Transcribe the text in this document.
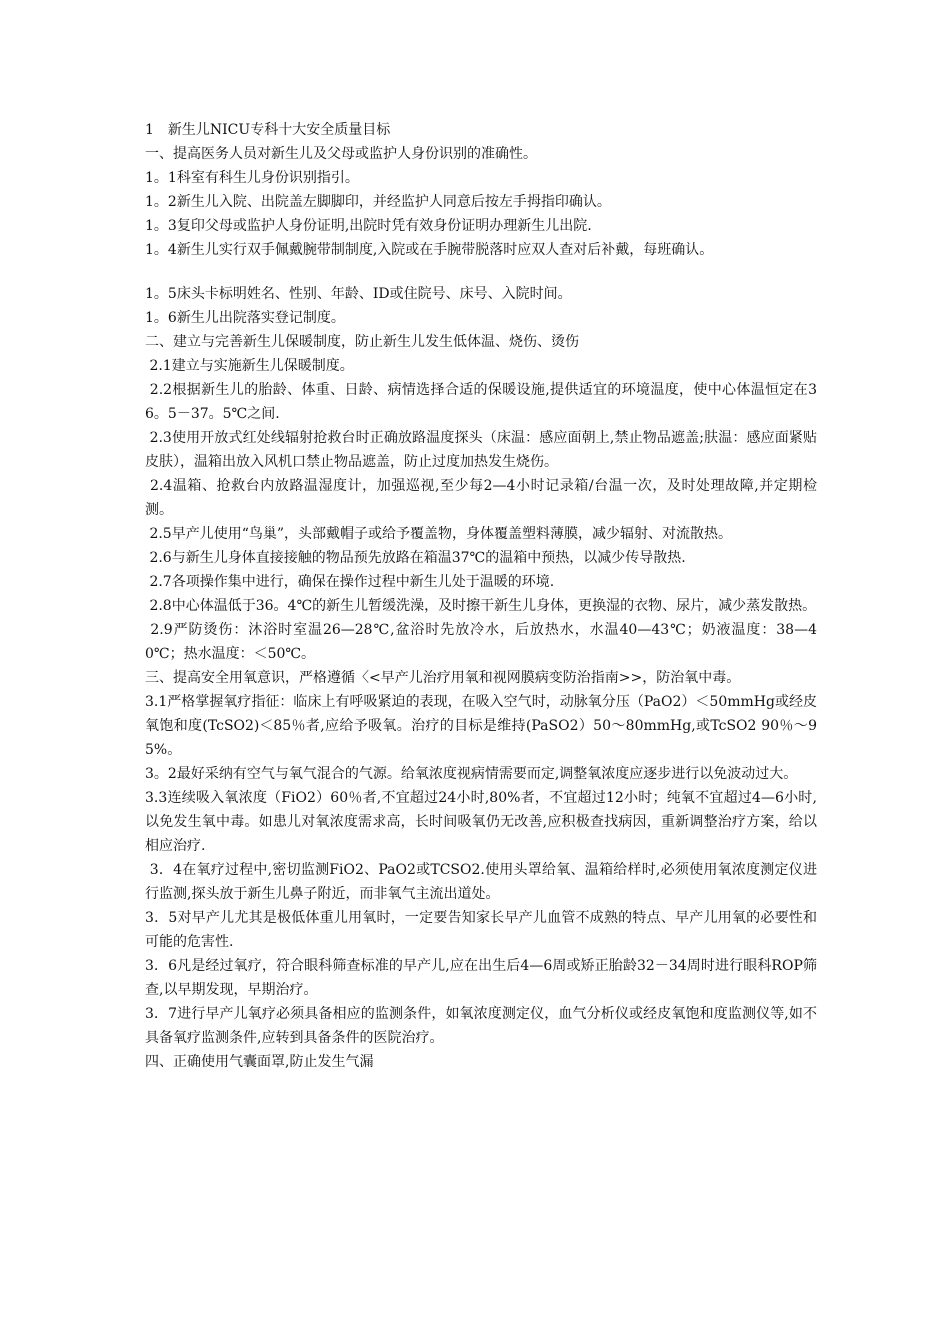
1　新生儿NICU专科十大安全质量目标

一、提高医务人员对新生儿及父母或监护人身份识别的准确性。

1。1科室有科生儿身份识别指引。

1。2新生儿入院、出院盖左脚脚印，并经监护人同意后按左手拇指印确认。

1。3复印父母或监护人身份证明,出院时凭有效身份证明办理新生儿出院.

1。4新生儿实行双手佩戴腕带制制度,入院或在手腕带脱落时应双人查对后补戴，每班确认。

1。5床头卡标明姓名、性别、年龄、ID或住院号、床号、入院时间。

1。6新生儿出院落实登记制度。

二、建立与完善新生儿保暖制度，防止新生儿发生低体温、烧伤、烫伤

2.1建立与实施新生儿保暖制度。

2.2根据新生儿的胎龄、体重、日龄、病情选择合适的保暖设施,提供适宜的环境温度，使中心体温恒定在36。5－37。5℃之间.

2.3使用开放式红处线辐射抢救台时正确放路温度探头（床温：感应面朝上,禁止物品遮盖;肤温：感应面紧贴皮肤），温箱出放入风机口禁止物品遮盖，防止过度加热发生烧伤。

2.4温箱、抢救台内放路温湿度计，加强巡视,至少每2—4小时记录箱/台温一次，及时处理故障,并定期检测。

2.5早产儿使用“鸟巢”，头部戴帽子或给予覆盖物，身体覆盖塑料薄膜，减少辐射、对流散热。

2.6与新生儿身体直接接触的物品预先放路在箱温37℃的温箱中预热，以减少传导散热.

2.7各项操作集中进行，确保在操作过程中新生儿处于温暖的环境.

2.8中心体温低于36。4℃的新生儿暂缓洗澡，及时擦干新生儿身体，更换湿的衣物、尿片，减少蒸发散热。

2.9严防烫伤：沐浴时室温26—28℃,盆浴时先放冷水，后放热水，水温40—43℃；奶液温度：38—40℃；热水温度：＜50℃。

三、提高安全用氧意识，严格遵循〈<早产儿治疗用氧和视网膜病变防治指南>>，防治氧中毒。

3.1严格掌握氧疗指征：临床上有呼吸紧迫的表现，在吸入空气时，动脉氧分压（PaO2）＜50mmHg或经皮氧饱和度(TcSO2)＜85％者,应给予吸氧。治疗的目标是维持(PaSO2）50～80mmHg,或TcSO2 90％～95%。

3。2最好采纳有空气与氧气混合的气源。给氧浓度视病情需要而定,调整氧浓度应逐步进行以免波动过大。

3.3连续吸入氧浓度（FiO2）60％者,不宜超过24小时,80%者，不宜超过12小时；纯氧不宜超过4—6小时,以免发生氧中毒。如患儿对氧浓度需求高，长时间吸氧仍无改善,应积极查找病因，重新调整治疗方案，给以相应治疗.

3．4在氧疗过程中,密切监测FiO2、PaO2或TCSO2.使用头罩给氧、温箱给样时,必须使用氧浓度测定仪进行监测,探头放于新生儿鼻子附近，而非氧气主流出道处。

3．5对早产儿尤其是极低体重儿用氧时，一定要告知家长早产儿血管不成熟的特点、早产儿用氧的必要性和可能的危害性.

3．6凡是经过氧疗，符合眼科筛查标准的早产儿,应在出生后4—6周或矫正胎龄32－34周时进行眼科ROP筛查,以早期发现，早期治疗。

3．7进行早产儿氧疗必须具备相应的监测条件，如氧浓度测定仪，血气分析仪或经皮氧饱和度监测仪等,如不具备氧疗监测条件,应转到具备条件的医院治疗。

四、正确使用气囊面罩,防止发生气漏
